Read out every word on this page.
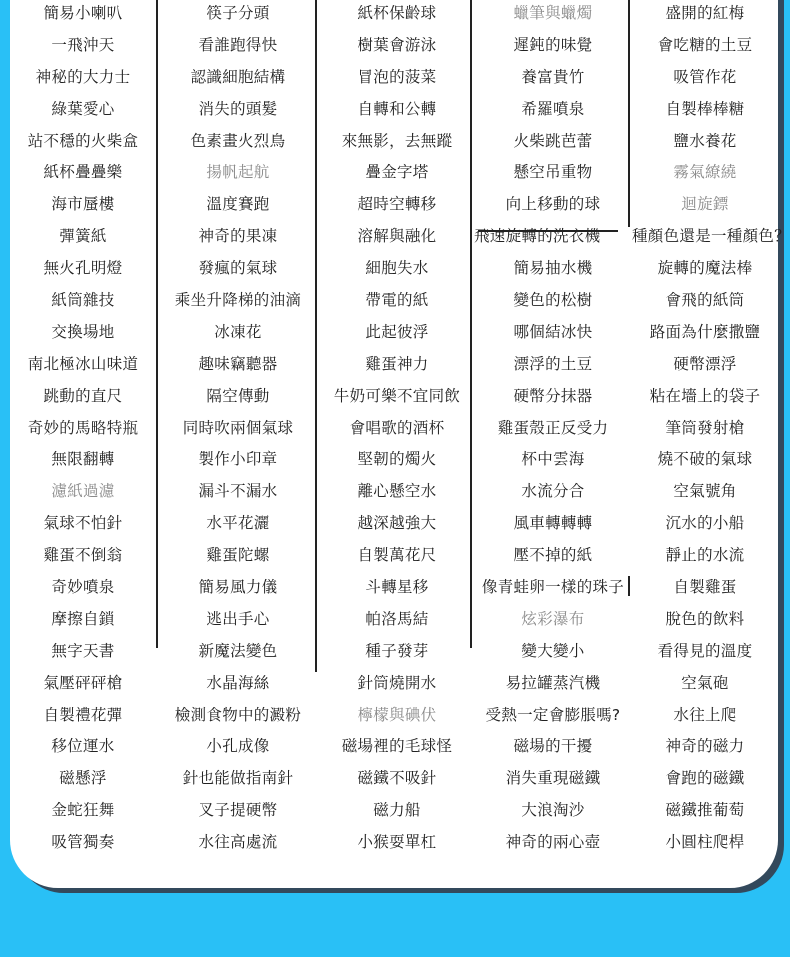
簡易小喇叭	筷子分頭	紙杯保齡球	蠟筆與蠟燭	盛開的紅梅
一飛沖天	看誰跑得快	樹葉會游泳	遲鈍的味覺	會吃糖的土豆
神秘的大力士	認識細胞結構	冒泡的菠菜	養富貴竹	吸管作花
綠葉愛心	消失的頭髮	自轉和公轉	希羅噴泉	自製棒棒糖
站不穩的火柴盒	色素畫火烈鳥	來無影，去無蹤	火柴跳芭蕾	鹽水養花
紙杯疊疊樂	揚帆起航	疊金字塔	懸空吊重物	霧氣繚繞
海市蜃樓	溫度賽跑	超時空轉移	向上移動的球	迴旋鏢
彈簧紙	神奇的果凍	溶解與融化	飛速旋轉的洗衣機	種顏色還是一種顏色？
無火孔明燈	發瘋的氣球	細胞失水	簡易抽水機	旋轉的魔法棒
紙筒雜技	乘坐升降梯的油滴	帶電的紙	變色的松樹	會飛的紙筒
交換場地	冰凍花	此起彼浮	哪個結冰快	路面為什麼撒鹽
南北極冰山味道	趣味竊聽器	雞蛋神力	漂浮的土豆	硬幣漂浮
跳動的直尺	隔空傳動	牛奶可樂不宜同飲	硬幣分抹器	粘在墻上的袋子
奇妙的馬略特瓶	同時吹兩個氣球	會唱歌的酒杯	雞蛋殼正反受力	筆筒發射槍
無限翻轉	製作小印章	堅韌的燭火	杯中雲海	燒不破的氣球
濾紙過濾	漏斗不漏水	離心懸空水	水流分合	空氣號角
氣球不怕針	水平花灑	越深越強大	風車轉轉轉	沉水的小船
雞蛋不倒翁	雞蛋陀螺	自製萬花尺	壓不掉的紙	靜止的水流
奇妙噴泉	簡易風力儀	斗轉星移	像青蛙卵一樣的珠子	自製雞蛋
摩擦自鎖	逃出手心	帕洛馬結	炫彩瀑布	脫色的飲料
無字天書	新魔法變色	種子發芽	變大變小	看得見的溫度
氣壓砰砰槍	水晶海絲	針筒燒開水	易拉罐蒸汽機	空氣砲
自製禮花彈	檢測食物中的澱粉	檸檬與碘伏	受熱一定會膨脹嗎?	水往上爬
移位運水	小孔成像	磁場裡的毛球怪	磁場的干擾	神奇的磁力
磁懸浮	針也能做指南針	磁鐵不吸針	消失重現磁鐵	會跑的磁鐵
金蛇狂舞	叉子提硬幣	磁力船	大浪淘沙	磁鐵推葡萄
吸管獨奏	水往高處流	小猴耍單杠	神奇的兩心壺	小圓柱爬桿
